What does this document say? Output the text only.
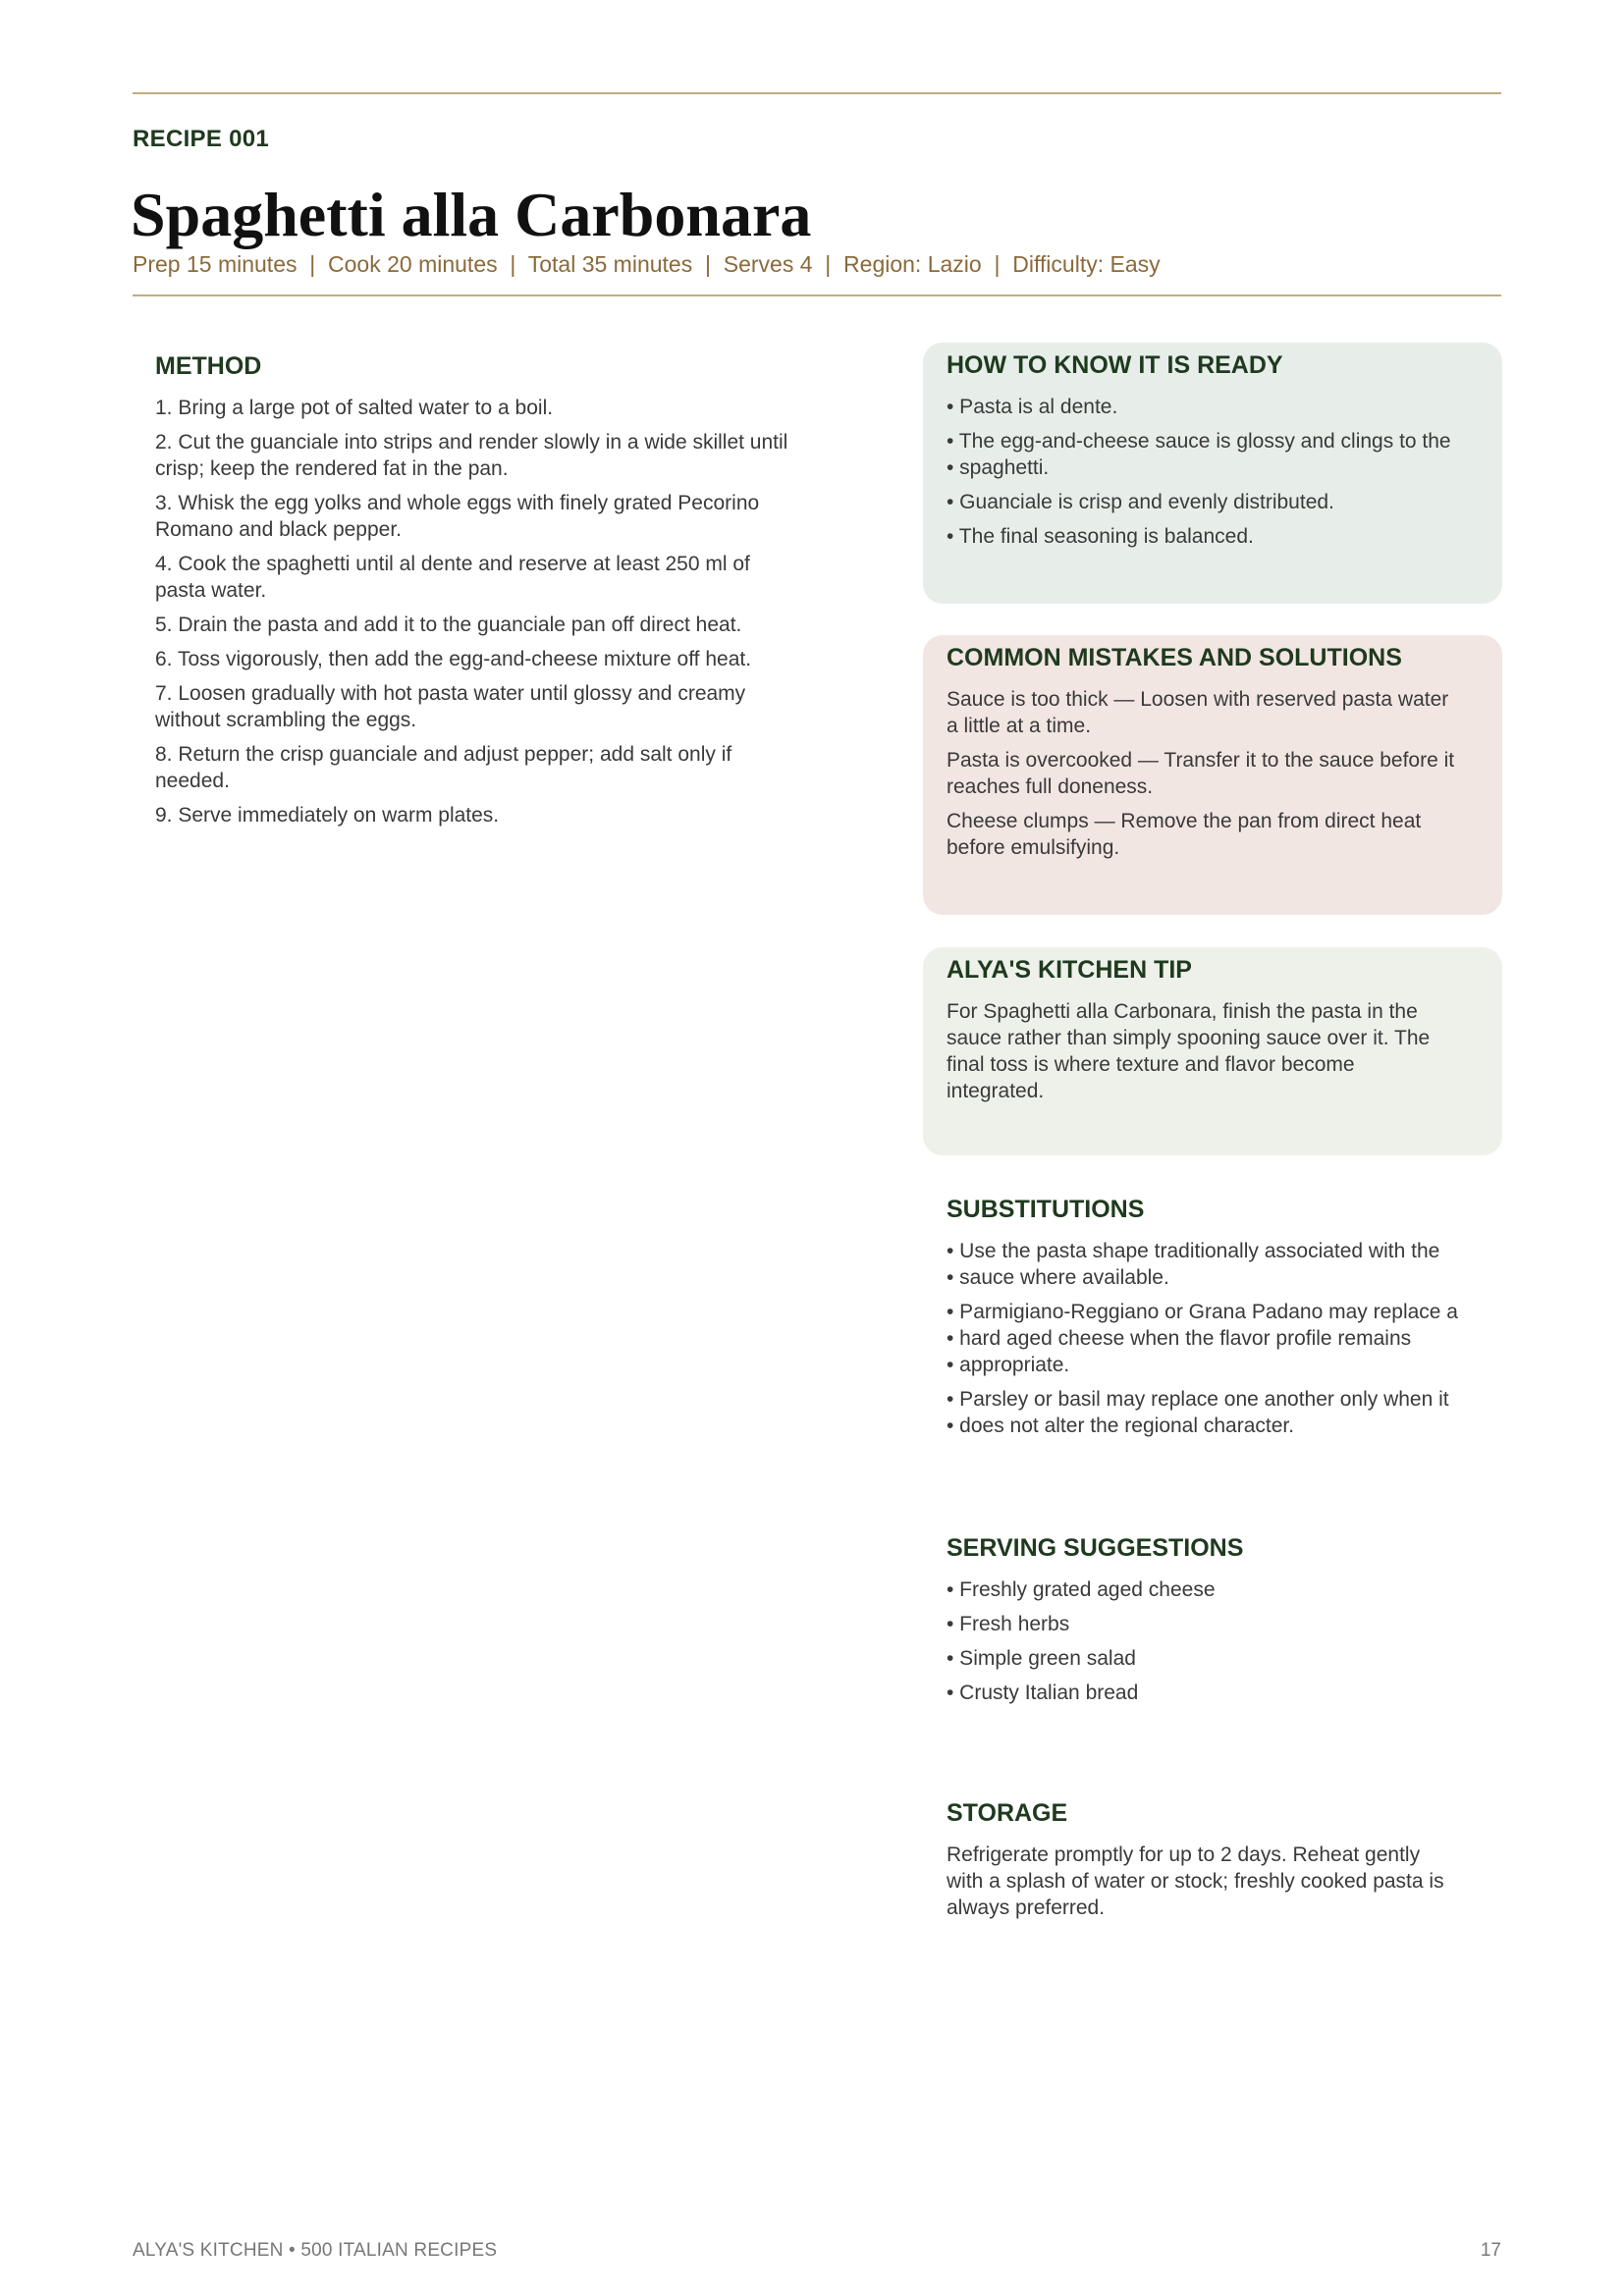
RECIPE 001
Spaghetti alla Carbonara
Prep 15 minutes  |  Cook 20 minutes  |  Total 35 minutes  |  Serves 4  |  Region: Lazio  |  Difficulty: Easy
METHOD
1. Bring a large pot of salted water to a boil.
2. Cut the guanciale into strips and render slowly in a wide skillet until
crisp; keep the rendered fat in the pan.
3. Whisk the egg yolks and whole eggs with finely grated Pecorino
Romano and black pepper.
4. Cook the spaghetti until al dente and reserve at least 250 ml of
pasta water.
5. Drain the pasta and add it to the guanciale pan off direct heat.
6. Toss vigorously, then add the egg-and-cheese mixture off heat.
7. Loosen gradually with hot pasta water until glossy and creamy
without scrambling the eggs.
8. Return the crisp guanciale and adjust pepper; add salt only if
needed.
9. Serve immediately on warm plates.
HOW TO KNOW IT IS READY
• Pasta is al dente.
• The egg-and-cheese sauce is glossy and clings to the
• spaghetti.
• Guanciale is crisp and evenly distributed.
• The final seasoning is balanced.
COMMON MISTAKES AND SOLUTIONS
Sauce is too thick — Loosen with reserved pasta water
a little at a time.
Pasta is overcooked — Transfer it to the sauce before it
reaches full doneness.
Cheese clumps — Remove the pan from direct heat
before emulsifying.
ALYA'S KITCHEN TIP
For Spaghetti alla Carbonara, finish the pasta in the
sauce rather than simply spooning sauce over it. The
final toss is where texture and flavor become
integrated.
SUBSTITUTIONS
• Use the pasta shape traditionally associated with the
• sauce where available.
• Parmigiano-Reggiano or Grana Padano may replace a
• hard aged cheese when the flavor profile remains
• appropriate.
• Parsley or basil may replace one another only when it
• does not alter the regional character.
SERVING SUGGESTIONS
• Freshly grated aged cheese
• Fresh herbs
• Simple green salad
• Crusty Italian bread
STORAGE
Refrigerate promptly for up to 2 days. Reheat gently
with a splash of water or stock; freshly cooked pasta is
always preferred.
ALYA'S KITCHEN • 500 ITALIAN RECIPES	17
